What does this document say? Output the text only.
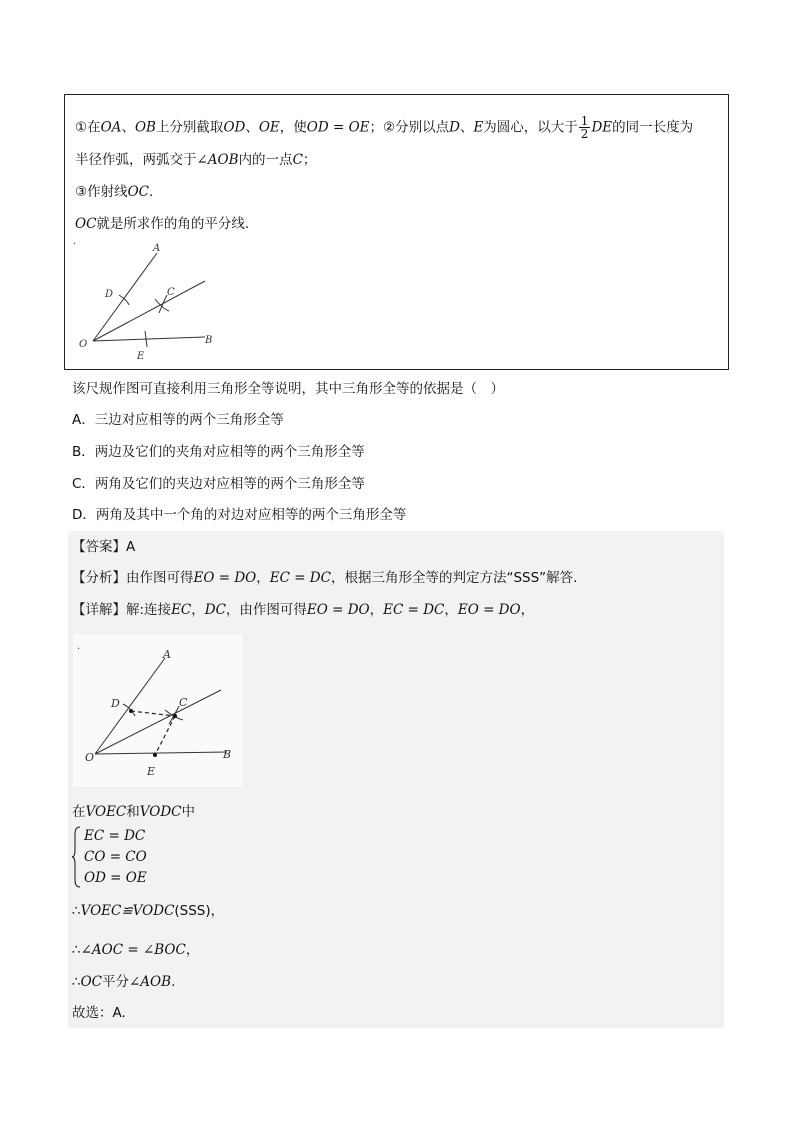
①在OA、OB上分别截取OD、OE，使OD = OE；②分别以点D、E为圆心，以大于 $\frac{1}{2}$ DE的同一长度为
半径作弧，两弧交于∠AOB内的一点C；
③作射线OC.
OC就是所求作的角的平分线.
·	A
D	C
O
E
B
该尺规作图可直接利用三角形全等说明，其中三角形全等的依据是（　）
A．三边对应相等的两个三角形全等
B．两边及它们的夹角对应相等的两个三角形全等
C．两角及它们的夹边对应相等的两个三角形全等
D．两角及其中一个角的对边对应相等的两个三角形全等
【答案】A
【分析】由作图可得EO = DO，EC = DC，根据三角形全等的判定方法“SSS”解答.
【详解】解:连接EC，DC，由作图可得EO = DO，EC = DC，EO = DO，
·	A
D	C
O
E
B
在VOEC和VODC中
EC = DC
CO = CO
OD = OE
∴VOEC≌VODC(SSS)，
∴∠AOC = ∠BOC，
∴OC平分∠AOB.
故选：A.
